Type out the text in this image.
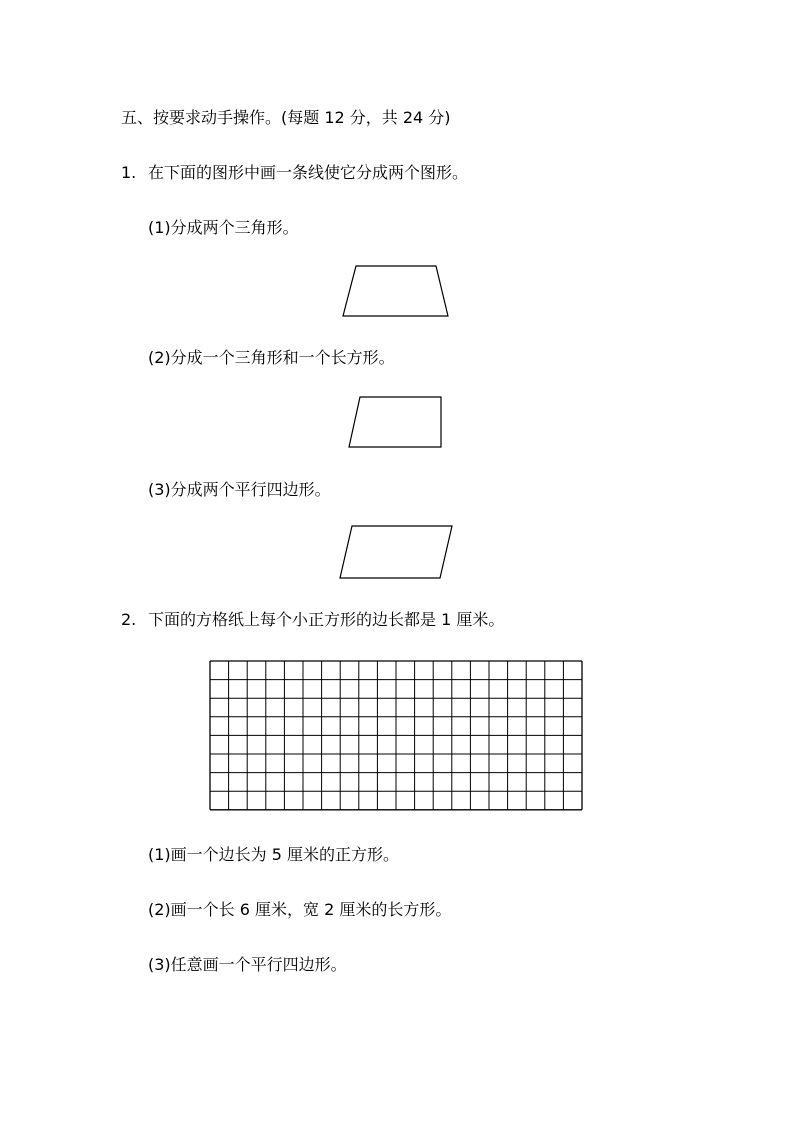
五、按要求动手操作。(每题 12 分，共 24 分)
1. 在下面的图形中画一条线使它分成两个图形。
(1)分成两个三角形。
(2)分成一个三角形和一个长方形。
(3)分成两个平行四边形。
2. 下面的方格纸上每个小正方形的边长都是 1 厘米。
(1)画一个边长为 5 厘米的正方形。
(2)画一个长 6 厘米，宽 2 厘米的长方形。
(3)任意画一个平行四边形。
